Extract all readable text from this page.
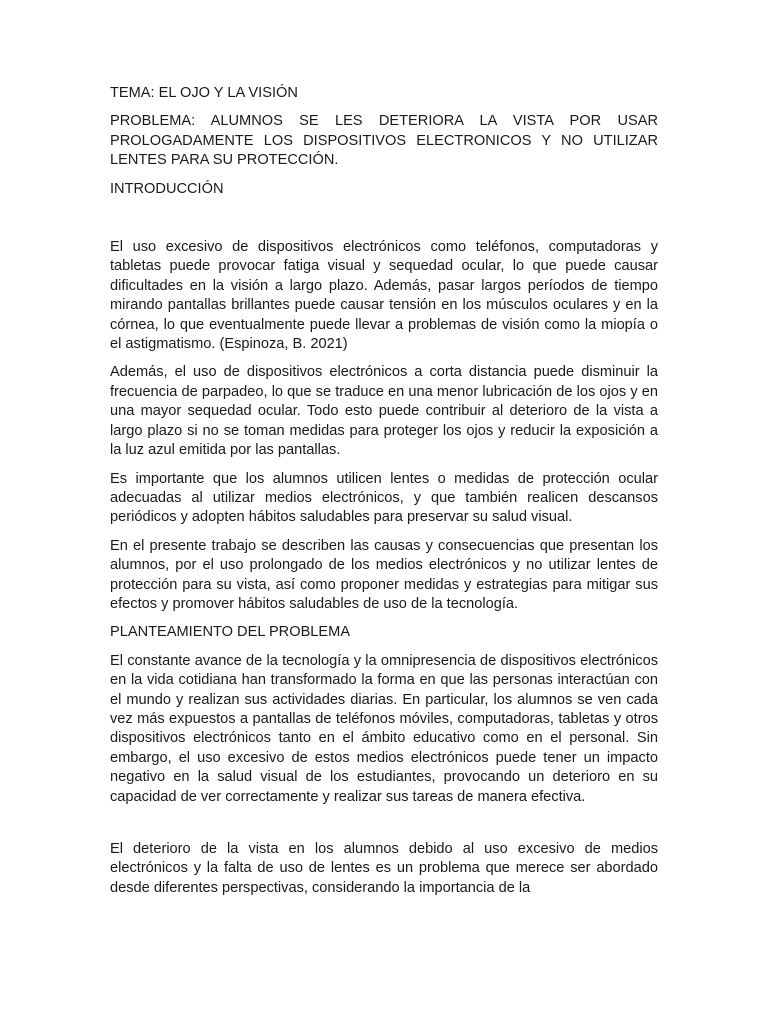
TEMA: EL OJO Y LA VISIÓN

PROBLEMA: ALUMNOS SE LES DETERIORA LA VISTA POR USAR PROLOGADAMENTE LOS DISPOSITIVOS ELECTRONICOS Y NO UTILIZAR LENTES PARA SU PROTECCIÓN.

INTRODUCCIÓN

El uso excesivo de dispositivos electrónicos como teléfonos, computadoras y tabletas puede provocar fatiga visual y sequedad ocular, lo que puede causar dificultades en la visión a largo plazo. Además, pasar largos períodos de tiempo mirando pantallas brillantes puede causar tensión en los músculos oculares y en la córnea, lo que eventualmente puede llevar a problemas de visión como la miopía o el astigmatismo. (Espinoza, B. 2021)

Además, el uso de dispositivos electrónicos a corta distancia puede disminuir la frecuencia de parpadeo, lo que se traduce en una menor lubricación de los ojos y en una mayor sequedad ocular. Todo esto puede contribuir al deterioro de la vista a largo plazo si no se toman medidas para proteger los ojos y reducir la exposición a la luz azul emitida por las pantallas.

Es importante que los alumnos utilicen lentes o medidas de protección ocular adecuadas al utilizar medios electrónicos, y que también realicen descansos periódicos y adopten hábitos saludables para preservar su salud visual.

En el presente trabajo se describen las causas y consecuencias que presentan los alumnos, por el uso prolongado de los medios electrónicos y no utilizar lentes de protección para su vista, así como proponer medidas y estrategias para mitigar sus efectos y promover hábitos saludables de uso de la tecnología.

PLANTEAMIENTO DEL PROBLEMA

El constante avance de la tecnología y la omnipresencia de dispositivos electrónicos en la vida cotidiana han transformado la forma en que las personas interactúan con el mundo y realizan sus actividades diarias. En particular, los alumnos se ven cada vez más expuestos a pantallas de teléfonos móviles, computadoras, tabletas y otros dispositivos electrónicos tanto en el ámbito educativo como en el personal. Sin embargo, el uso excesivo de estos medios electrónicos puede tener un impacto negativo en la salud visual de los estudiantes, provocando un deterioro en su capacidad de ver correctamente y realizar sus tareas de manera efectiva.

El deterioro de la vista en los alumnos debido al uso excesivo de medios electrónicos y la falta de uso de lentes es un problema que merece ser abordado desde diferentes perspectivas, considerando la importancia de la
